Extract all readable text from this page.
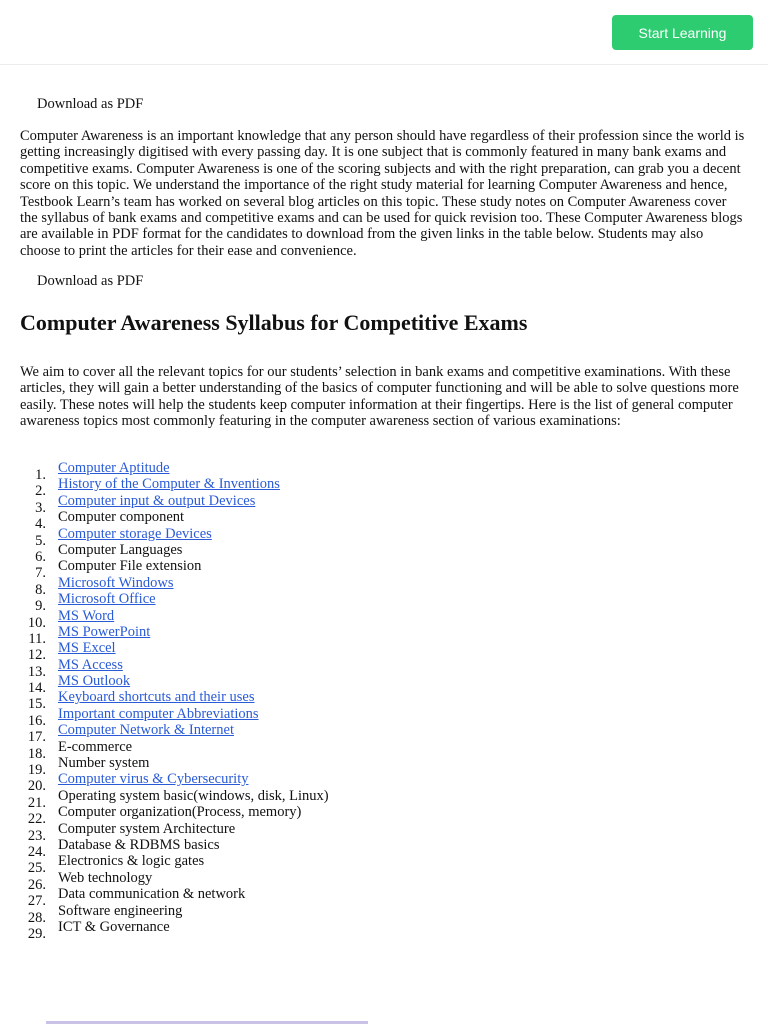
Start Learning
Download as PDF

Computer Awareness is an important knowledge that any person should have regardless of their profession since the world is getting increasingly digitised with every passing day. It is one subject that is commonly featured in many bank exams and competitive exams. Computer Awareness is one of the scoring subjects and with the right preparation, can grab you a decent score on this topic. We understand the importance of the right study material for learning Computer Awareness and hence, Testbook Learn’s team has worked on several blog articles on this topic. These study notes on Computer Awareness cover the syllabus of bank exams and competitive exams and can be used for quick revision too. These Computer Awareness blogs are available in PDF format for the candidates to download from the given links in the table below. Students may also choose to print the articles for their ease and convenience.

Download as PDF
Computer Awareness Syllabus for Competitive Exams

We aim to cover all the relevant topics for our students’ selection in bank exams and competitive examinations. With these articles, they will gain a better understanding of the basics of computer functioning and will be able to solve questions more easily. These notes will help the students keep computer information at their fingertips. Here is the list of general computer awareness topics most commonly featuring in the computer awareness section of various examinations:

1. Computer Aptitude
2. History of the Computer & Inventions
3. Computer input & output Devices
4. Computer component
5. Computer storage Devices
6. Computer Languages
7. Computer File extension
8. Microsoft Windows
9. Microsoft Office
10. MS Word
11. MS PowerPoint
12. MS Excel
13. MS Access
14. MS Outlook
15. Keyboard shortcuts and their uses
16. Important computer Abbreviations
17. Computer Network & Internet
18. E-commerce
19. Number system
20. Computer virus & Cybersecurity
21. Operating system basic(windows, disk, Linux)
22. Computer organization(Process, memory)
23. Computer system Architecture
24. Database & RDBMS basics
25. Electronics & logic gates
26. Web technology
27. Data communication & network
28. Software engineering
29. ICT & Governance
